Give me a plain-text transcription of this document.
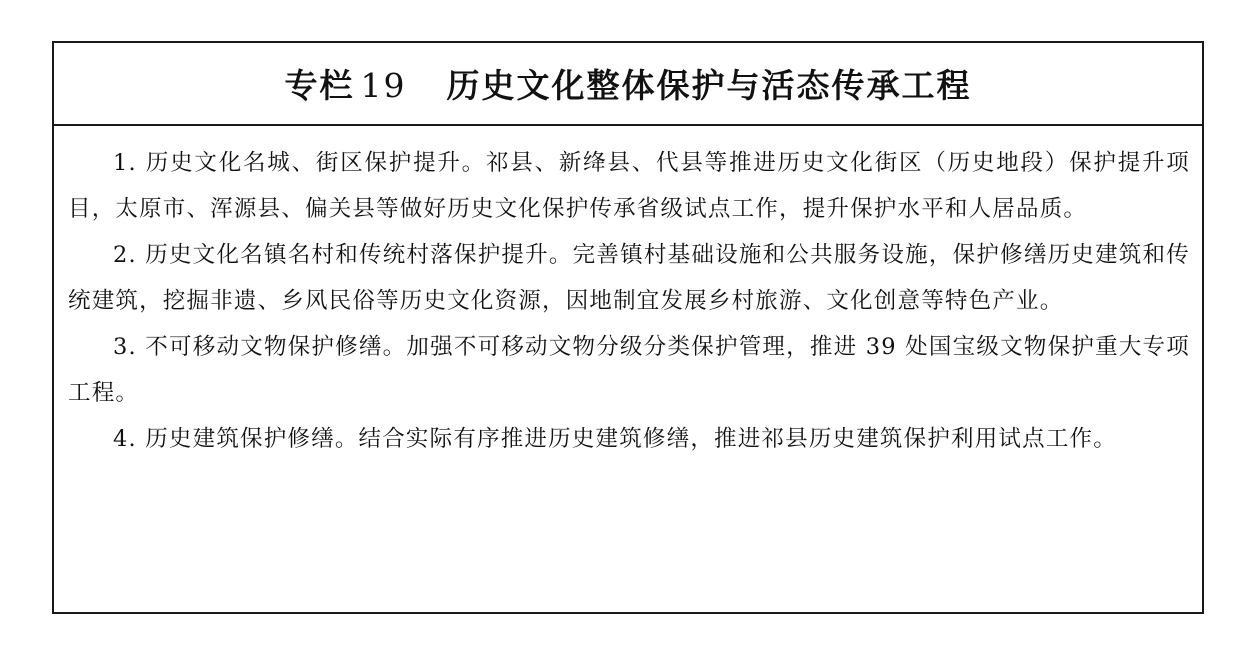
专栏 19 历史文化整体保护与活态传承工程

1. 历史文化名城、街区保护提升。祁县、新绛县、代县等推进历史文化街区（历史地段）保护提升项目，太原市、浑源县、偏关县等做好历史文化保护传承省级试点工作，提升保护水平和人居品质。

2. 历史文化名镇名村和传统村落保护提升。完善镇村基础设施和公共服务设施，保护修缮历史建筑和传统建筑，挖掘非遗、乡风民俗等历史文化资源，因地制宜发展乡村旅游、文化创意等特色产业。

3. 不可移动文物保护修缮。加强不可移动文物分级分类保护管理，推进 39 处国宝级文物保护重大专项工程。

4. 历史建筑保护修缮。结合实际有序推进历史建筑修缮，推进祁县历史建筑保护利用试点工作。
